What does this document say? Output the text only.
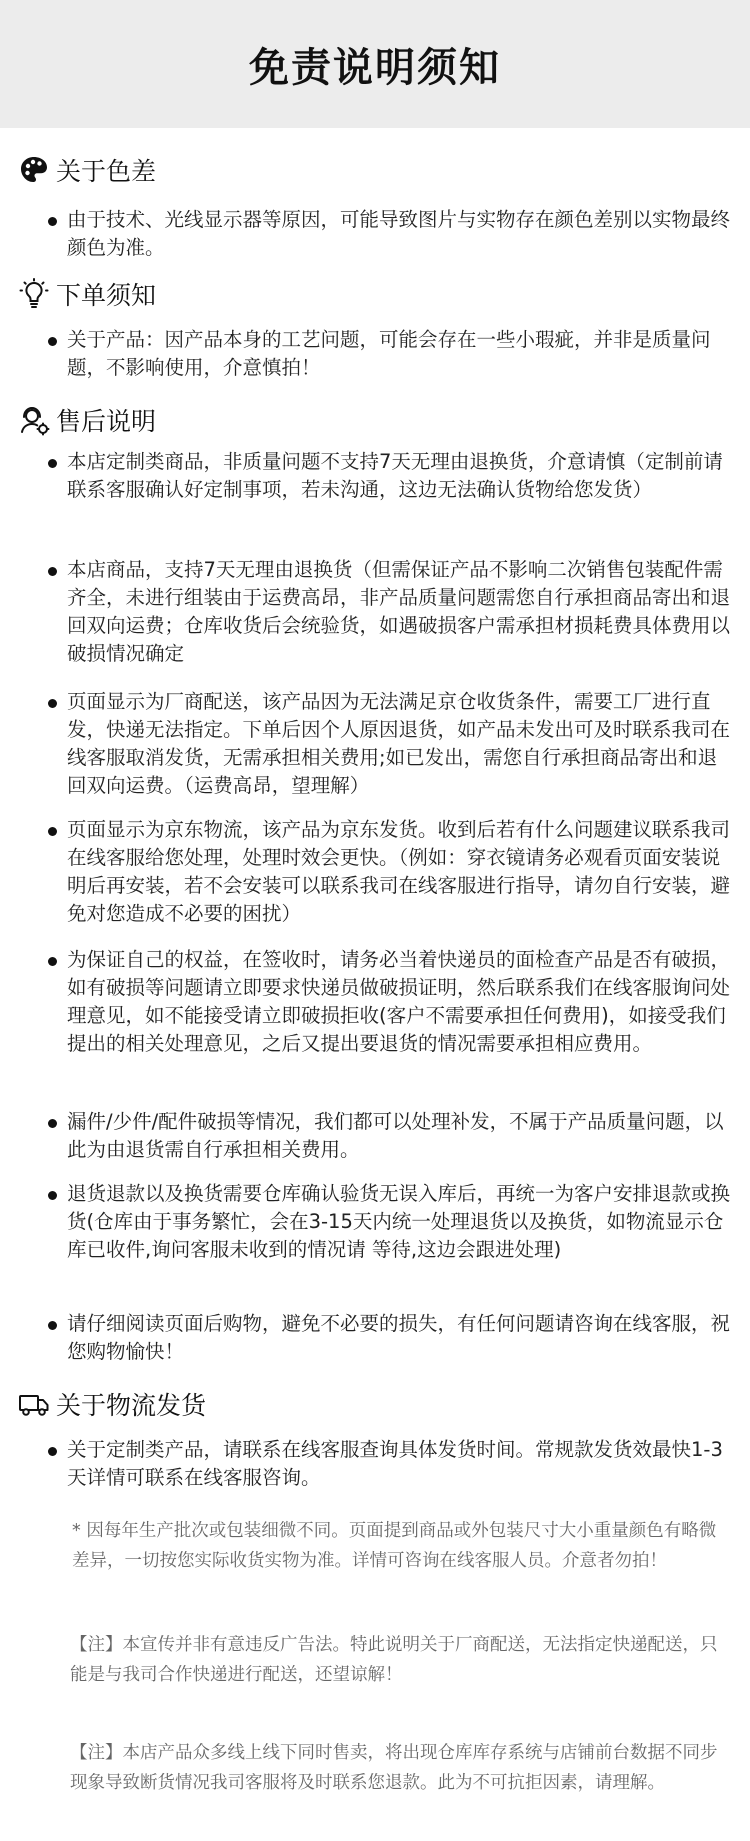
免责说明须知
关于色差
由于技术、光线显示器等原因，可能导致图片与实物存在颜色差别以实物最终颜色为准。
下单须知
关于产品：因产品本身的工艺问题，可能会存在一些小瑕疵，并非是质量问题，不影响使用，介意慎拍！
售后说明
本店定制类商品，非质量问题不支持7天无理由退换货，介意请慎（定制前请联系客服确认好定制事项，若未沟通，这边无法确认货物给您发货）
本店商品，支持7天无理由退换货（但需保证产品不影响二次销售包装配件需齐全，未进行组装由于运费高昂，非产品质量问题需您自行承担商品寄出和退回双向运费；仓库收货后会统验货，如遇破损客户需承担材损耗费具体费用以破损情况确定
页面显示为厂商配送，该产品因为无法满足京仓收货条件，需要工厂进行直发，快递无法指定。下单后因个人原因退货，如产品未发出可及时联系我司在线客服取消发货，无需承担相关费用;如已发出，需您自行承担商品寄出和退回双向运费。（运费高昂，望理解）
页面显示为京东物流，该产品为京东发货。收到后若有什么问题建议联系我司在线客服给您处理，处理时效会更快。（例如：穿衣镜请务必观看页面安装说明后再安装，若不会安装可以联系我司在线客服进行指导，请勿自行安装，避免对您造成不必要的困扰）
为保证自己的权益，在签收时，请务必当着快递员的面检查产品是否有破损，如有破损等问题请立即要求快递员做破损证明，然后联系我们在线客服询问处理意见，如不能接受请立即破损拒收(客户不需要承担任何费用)，如接受我们提出的相关处理意见，之后又提出要退货的情况需要承担相应费用。
漏件/少件/配件破损等情况，我们都可以处理补发，不属于产品质量问题，以此为由退货需自行承担相关费用。
退货退款以及换货需要仓库确认验货无误入库后，再统一为客户安排退款或换货(仓库由于事务繁忙，会在3-15天内统一处理退货以及换货，如物流显示仓库已收件,询问客服未收到的情况请 等待,这边会跟进处理)
请仔细阅读页面后购物，避免不必要的损失，有任何问题请咨询在线客服，祝您购物愉快！
关于物流发货
关于定制类产品，请联系在线客服查询具体发货时间。常规款发货效最快1-3天详情可联系在线客服咨询。
* 因每年生产批次或包装细微不同。页面提到商品或外包装尺寸大小重量颜色有略微差异，一切按您实际收货实物为准。详情可咨询在线客服人员。介意者勿拍！
【注】本宣传并非有意违反广告法。特此说明关于厂商配送，无法指定快递配送，只能是与我司合作快递进行配送，还望谅解！
【注】本店产品众多线上线下同时售卖，将出现仓库库存系统与店铺前台数据不同步现象导致断货情况我司客服将及时联系您退款。此为不可抗拒因素，请理解。
